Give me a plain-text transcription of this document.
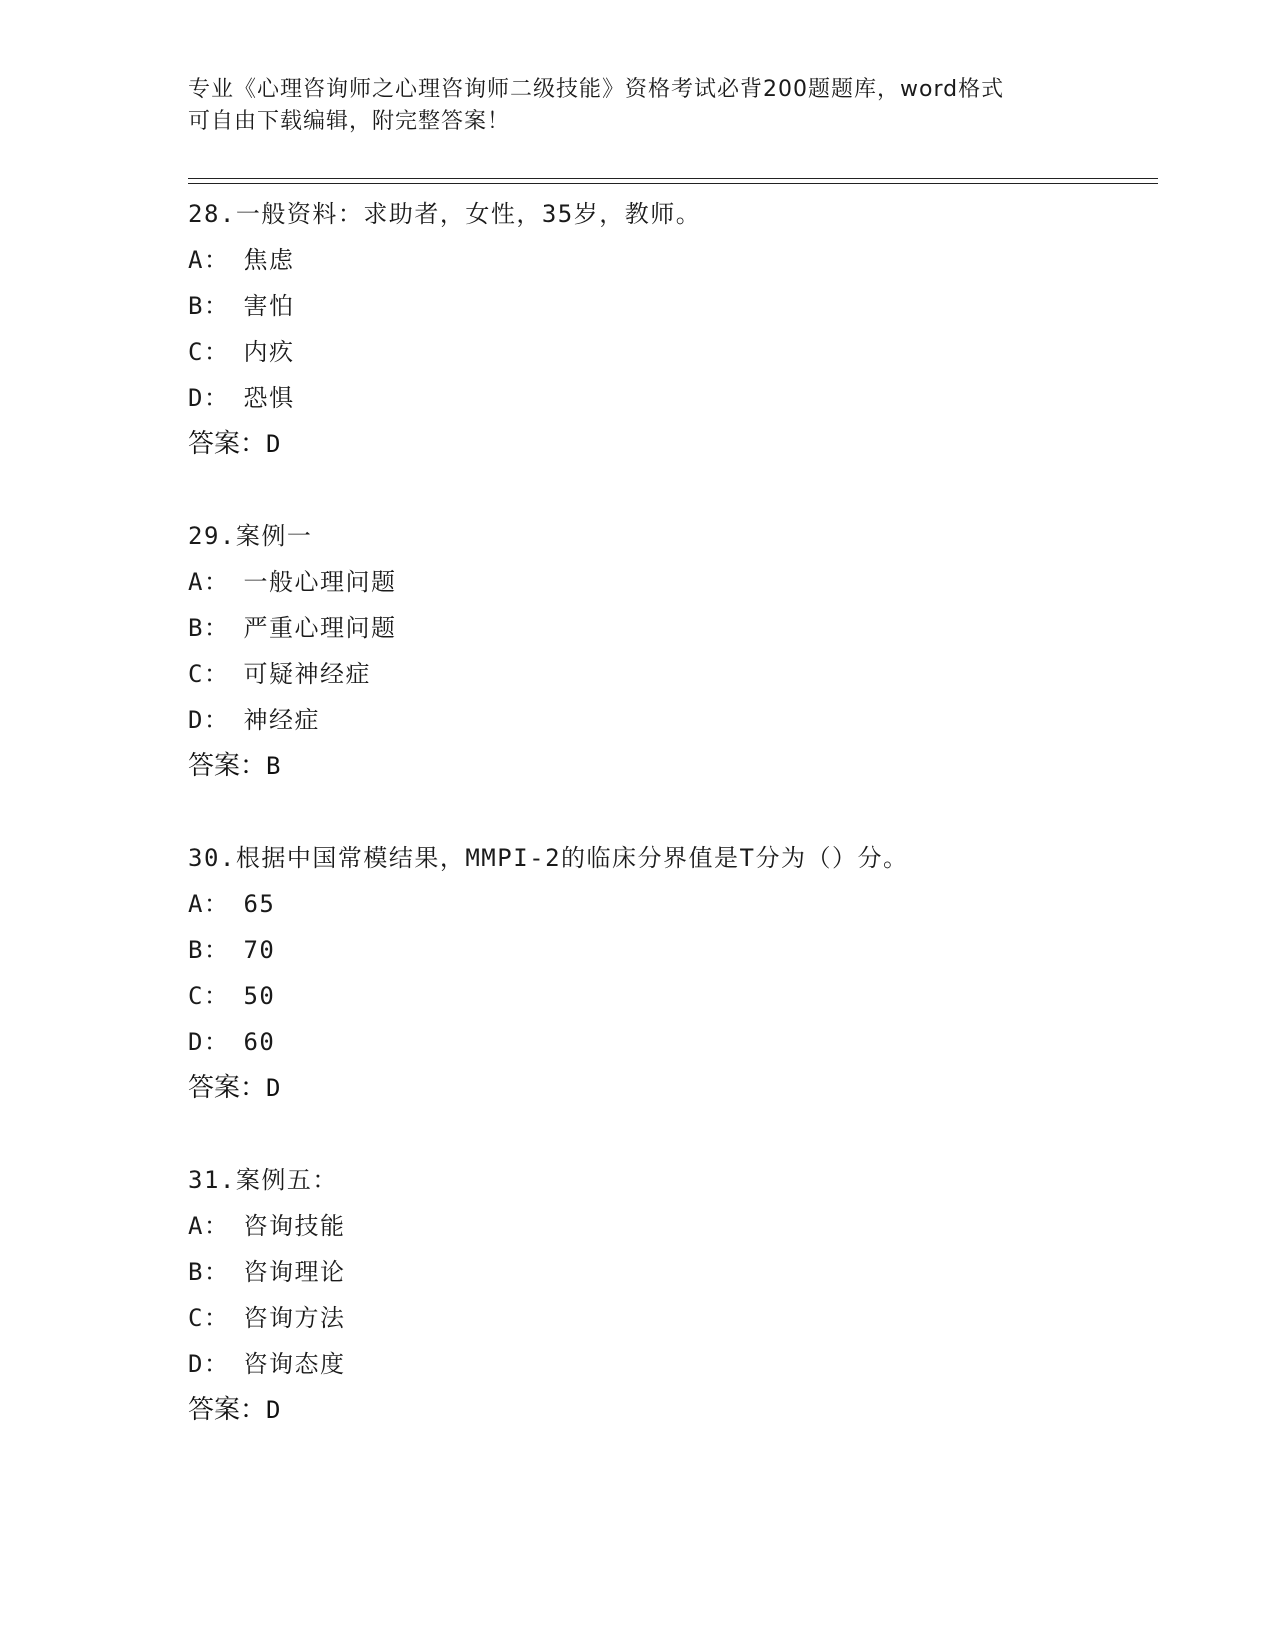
专业《心理咨询师之心理咨询师二级技能》资格考试必背200题题库，word格式
可自由下载编辑，附完整答案！
28.一般资料：求助者，女性，35岁，教师。
A： 焦虑
B： 害怕
C： 内疚
D： 恐惧
答案：D
29.案例一
A： 一般心理问题
B： 严重心理问题
C： 可疑神经症
D： 神经症
答案：B
30.根据中国常模结果，MMPI-2的临床分界值是T分为（）分。
A： 65
B： 70
C： 50
D： 60
答案：D
31.案例五：
A： 咨询技能
B： 咨询理论
C： 咨询方法
D： 咨询态度
答案：D
